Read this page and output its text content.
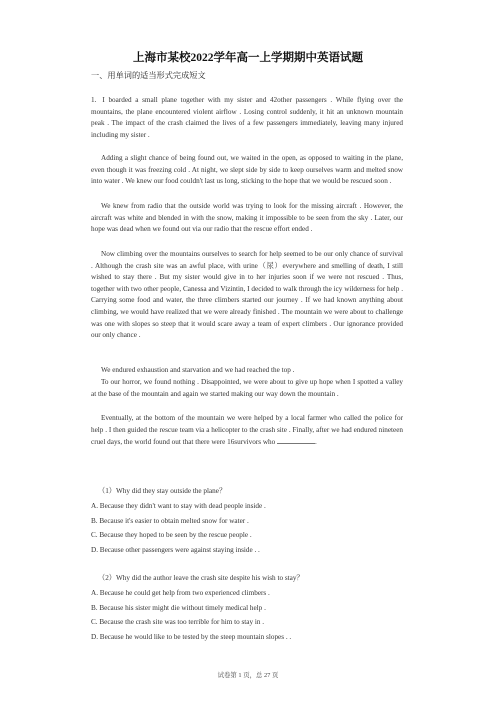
上海市某校2022学年高一上学期期中英语试题
一、用单词的适当形式完成短文

1. I boarded a small plane together with my sister and 42other passengers . While flying over the mountains, the plane encountered violent airflow . Losing control suddenly, it hit an unknown mountain peak . The impact of the crash claimed the lives of a few passengers immediately, leaving many injured including my sister .

Adding a slight chance of being found out, we waited in the open, as opposed to waiting in the plane, even though it was freezing cold . At night, we slept side by side to keep ourselves warm and melted snow into water . We knew our food couldn't last us long, sticking to the hope that we would be rescued soon .

We knew from radio that the outside world was trying to look for the missing aircraft . However, the aircraft was white and blended in with the snow, making it impossible to be seen from the sky . Later, our hope was dead when we found out via our radio that the rescue effort ended .

Now climbing over the mountains ourselves to search for help seemed to be our only chance of survival . Although the crash site was an awful place, with urine（尿）everywhere and smelling of death, I still wished to stay there . But my sister would give in to her injuries soon if we were not rescued . Thus, together with two other people, Canessa and Vizintin, I decided to walk through the icy wilderness for help . Carrying some food and water, the three climbers started our journey . If we had known anything about climbing, we would have realized that we were already finished . The mountain we were about to challenge was one with slopes so steep that it would scare away a team of expert climbers . Our ignorance provided our only chance .

We endured exhaustion and starvation and we had reached the top .

To our horror, we found nothing . Disappointed, we were about to give up hope when I spotted a valley at the base of the mountain and again we started making our way down the mountain .

Eventually, at the bottom of the mountain we were helped by a local farmer who called the police for help . I then guided the rescue team via a helicopter to the crash site . Finally, after we had endured nineteen cruel days, the world found out that there were 16survivors who	.

（1）Why did they stay outside the plane？
A. Because they didn't want to stay with dead people inside .
B. Because it's easier to obtain melted snow for water .
C. Because they hoped to be seen by the rescue people .
D. Because other passengers were against staying inside . .
（2）Why did the author leave the crash site despite his wish to stay？
A. Because he could get help from two experienced climbers .
B. Because his sister might die without timely medical help .
C. Because the crash site was too terrible for him to stay in .
D. Because he would like to be tested by the steep mountain slopes . .
试卷第 1 页，总 27 页
